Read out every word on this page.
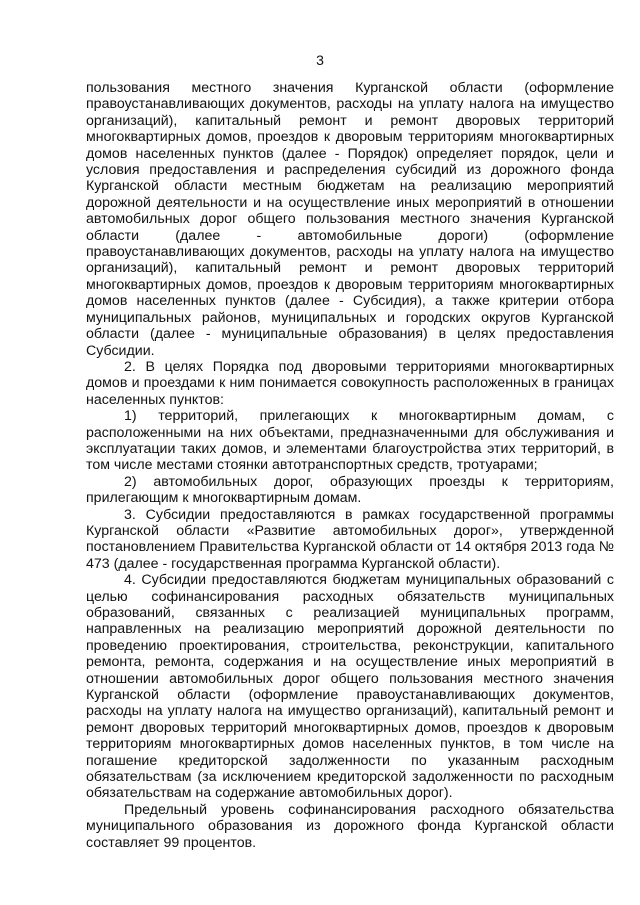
3

пользования местного значения Курганской области (оформление правоустанавливающих документов, расходы на уплату налога на имущество организаций), капитальный ремонт и ремонт дворовых территорий многоквартирных домов, проездов к дворовым территориям многоквартирных домов населенных пунктов (далее - Порядок) определяет порядок, цели и условия предоставления и распределения субсидий из дорожного фонда Курганской области местным бюджетам на реализацию мероприятий дорожной деятельности и на осуществление иных мероприятий в отношении автомобильных дорог общего пользования местного значения Курганской области (далее - автомобильные дороги) (оформление правоустанавливающих документов, расходы на уплату налога на имущество организаций), капитальный ремонт и ремонт дворовых территорий многоквартирных домов, проездов к дворовым территориям многоквартирных домов населенных пунктов (далее - Субсидия), а также критерии отбора муниципальных районов, муниципальных и городских округов Курганской области (далее - муниципальные образования) в целях предоставления Субсидии.

2. В целях Порядка под дворовыми территориями многоквартирных домов и проездами к ним понимается совокупность расположенных в границах населенных пунктов:

1) территорий, прилегающих к многоквартирным домам, с расположенными на них объектами, предназначенными для обслуживания и эксплуатации таких домов, и элементами благоустройства этих территорий, в том числе местами стоянки автотранспортных средств, тротуарами;

2) автомобильных дорог, образующих проезды к территориям, прилегающим к многоквартирным домам.

3. Субсидии предоставляются в рамках государственной программы Курганской области «Развитие автомобильных дорог», утвержденной постановлением Правительства Курганской области от 14 октября 2013 года № 473 (далее - государственная программа Курганской области).

4. Субсидии предоставляются бюджетам муниципальных образований с целью софинансирования расходных обязательств муниципальных образований, связанных с реализацией муниципальных программ, направленных на реализацию мероприятий дорожной деятельности по проведению проектирования, строительства, реконструкции, капитального ремонта, ремонта, содержания и на осуществление иных мероприятий в отношении автомобильных дорог общего пользования местного значения Курганской области (оформление правоустанавливающих документов, расходы на уплату налога на имущество организаций), капитальный ремонт и ремонт дворовых территорий многоквартирных домов, проездов к дворовым территориям многоквартирных домов населенных пунктов, в том числе на погашение кредиторской задолженности по указанным расходным обязательствам (за исключением кредиторской задолженности по расходным обязательствам на содержание автомобильных дорог).

Предельный уровень софинансирования расходного обязательства муниципального образования из дорожного фонда Курганской области составляет 99 процентов.
